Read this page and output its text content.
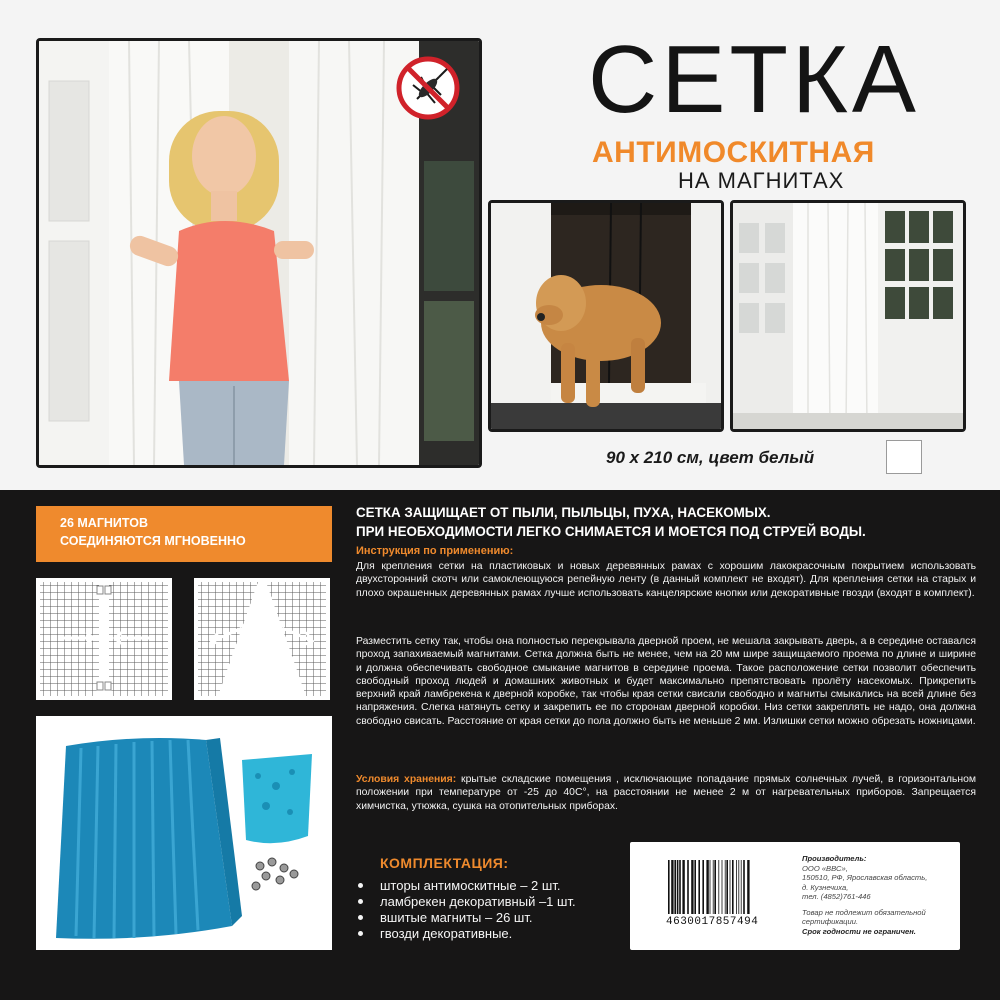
СЕТКА
АНТИМОСКИТНАЯ
НА МАГНИТАХ
90 х 210 см, цвет белый
26 МАГНИТОВ
СОЕДИНЯЮТСЯ МГНОВЕННО
СЕТКА ЗАЩИЩАЕТ ОТ ПЫЛИ, ПЫЛЬЦЫ, ПУХА, НАСЕКОМЫХ.
ПРИ НЕОБХОДИМОСТИ ЛЕГКО СНИМАЕТСЯ И МОЕТСЯ ПОД СТРУЕЙ ВОДЫ.
Инструкция по применению:
Для крепления сетки на пластиковых и новых деревянных рамах с хорошим лакокрасочным покрытием использовать двухсторонний скотч или самоклеющуюся репейную ленту (в данный комплект не входят). Для крепления сетки на старых и плохо окрашенных деревянных рамах лучше использовать канцелярские кнопки или декоративные гвозди (входят в комплект).
Разместить сетку так, чтобы она полностью перекрывала дверной проем, не мешала закрывать дверь, а в середине оставался проход запахиваемый магнитами. Сетка должна быть не менее, чем на 20 мм шире защищаемого проема по длине и ширине и должна обеспечивать свободное смыкание магнитов в середине проема. Такое расположение сетки позволит обеспечить свободный проход людей и домашних животных и будет максимально препятствовать пролёту насекомых. Прикрепить верхний край ламбрекена к дверной коробке, так чтобы края сетки свисали свободно и магниты смыкались на всей длине без напряжения. Слегка натянуть сетку и закрепить ее по сторонам дверной коробки. Низ сетки закреплять не надо, она должна свободно свисать. Расстояние от края сетки до пола должно быть не меньше 2 мм. Излишки сетки можно обрезать ножницами.
Условия хранения: крытые складские помещения , исключающие попадание прямых солнечных лучей, в горизонтальном положении при температуре от -25 до 40С°, на расстоянии не менее 2 м от нагревательных приборов. Запрещается химчистка, утюжка, сушка на отопительных приборах.
КОМПЛЕКТАЦИЯ:
шторы антимоскитные – 2 шт.
ламбрекен декоративный –1 шт.
вшитые магниты – 26 шт.
гвозди декоративные.
4630017857494
Производитель:
ООО «ВВС»,
150510, РФ, Ярославская область,
д. Кузнечиха,
тел. (4852)761-446
Товар не подлежит обязательной сертификации.
Срок годности не ограничен.
